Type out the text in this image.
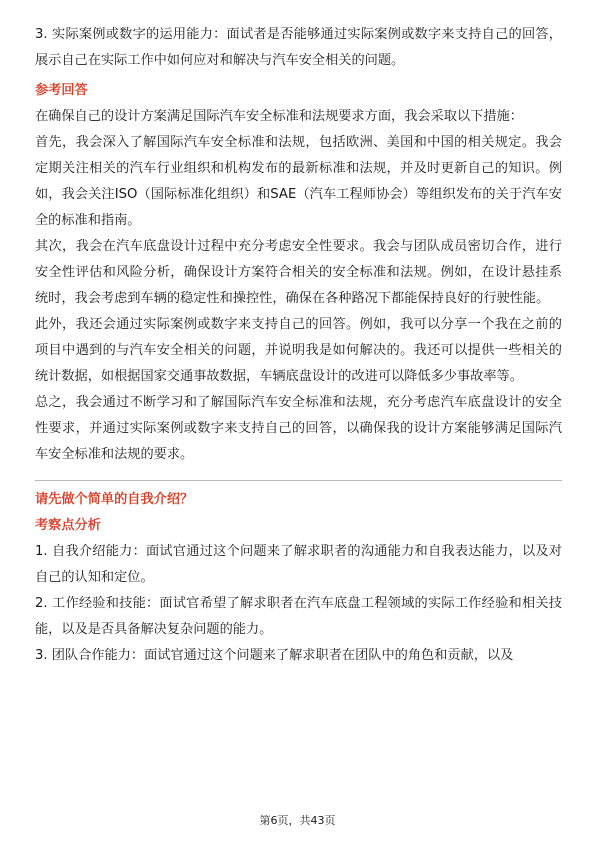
3. 实际案例或数字的运用能力：面试者是否能够通过实际案例或数字来支持自己的回答，展示自己在实际工作中如何应对和解决与汽车安全相关的问题。

参考回答

在确保自己的设计方案满足国际汽车安全标准和法规要求方面，我会采取以下措施：

首先，我会深入了解国际汽车安全标准和法规，包括欧洲、美国和中国的相关规定。我会定期关注相关的汽车行业组织和机构发布的最新标准和法规，并及时更新自己的知识。例如，我会关注ISO（国际标准化组织）和SAE（汽车工程师协会）等组织发布的关于汽车安全的标准和指南。

其次，我会在汽车底盘设计过程中充分考虑安全性要求。我会与团队成员密切合作，进行安全性评估和风险分析，确保设计方案符合相关的安全标准和法规。例如，在设计悬挂系统时，我会考虑到车辆的稳定性和操控性，确保在各种路况下都能保持良好的行驶性能。

此外，我还会通过实际案例或数字来支持自己的回答。例如，我可以分享一个我在之前的项目中遇到的与汽车安全相关的问题，并说明我是如何解决的。我还可以提供一些相关的统计数据，如根据国家交通事故数据，车辆底盘设计的改进可以降低多少事故率等。

总之，我会通过不断学习和了解国际汽车安全标准和法规，充分考虑汽车底盘设计的安全性要求，并通过实际案例或数字来支持自己的回答，以确保我的设计方案能够满足国际汽车安全标准和法规的要求。

请先做个简单的自我介绍？

考察点分析

1. 自我介绍能力：面试官通过这个问题来了解求职者的沟通能力和自我表达能力，以及对自己的认知和定位。

2. 工作经验和技能：面试官希望了解求职者在汽车底盘工程领域的实际工作经验和相关技能，以及是否具备解决复杂问题的能力。

3. 团队合作能力：面试官通过这个问题来了解求职者在团队中的角色和贡献，以及

第6页，共43页
